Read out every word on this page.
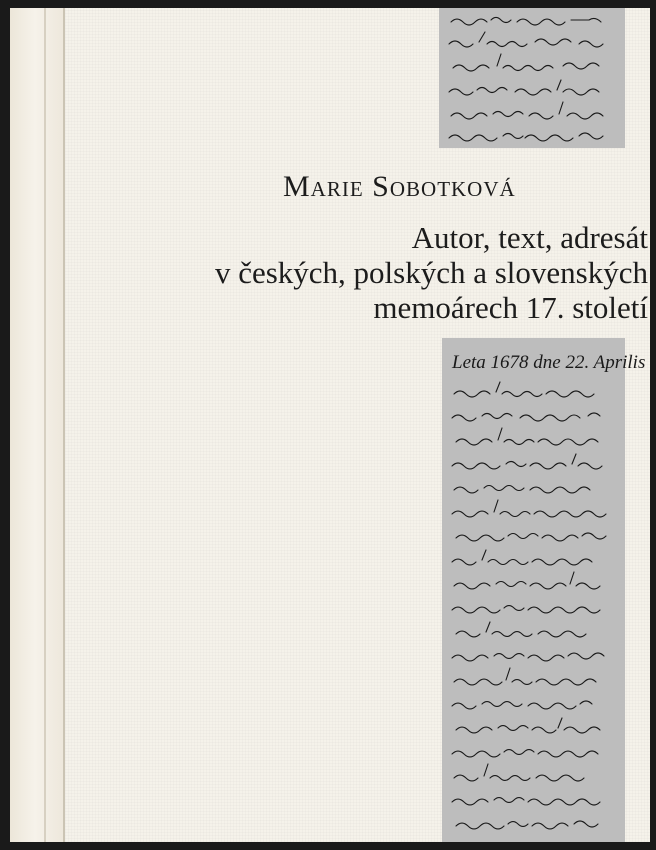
Marie Sobotková
Autor, text, adresát
v českých, polských a slovenských
memoárech 17. století
Leta 1678 dne 22. Aprilis
